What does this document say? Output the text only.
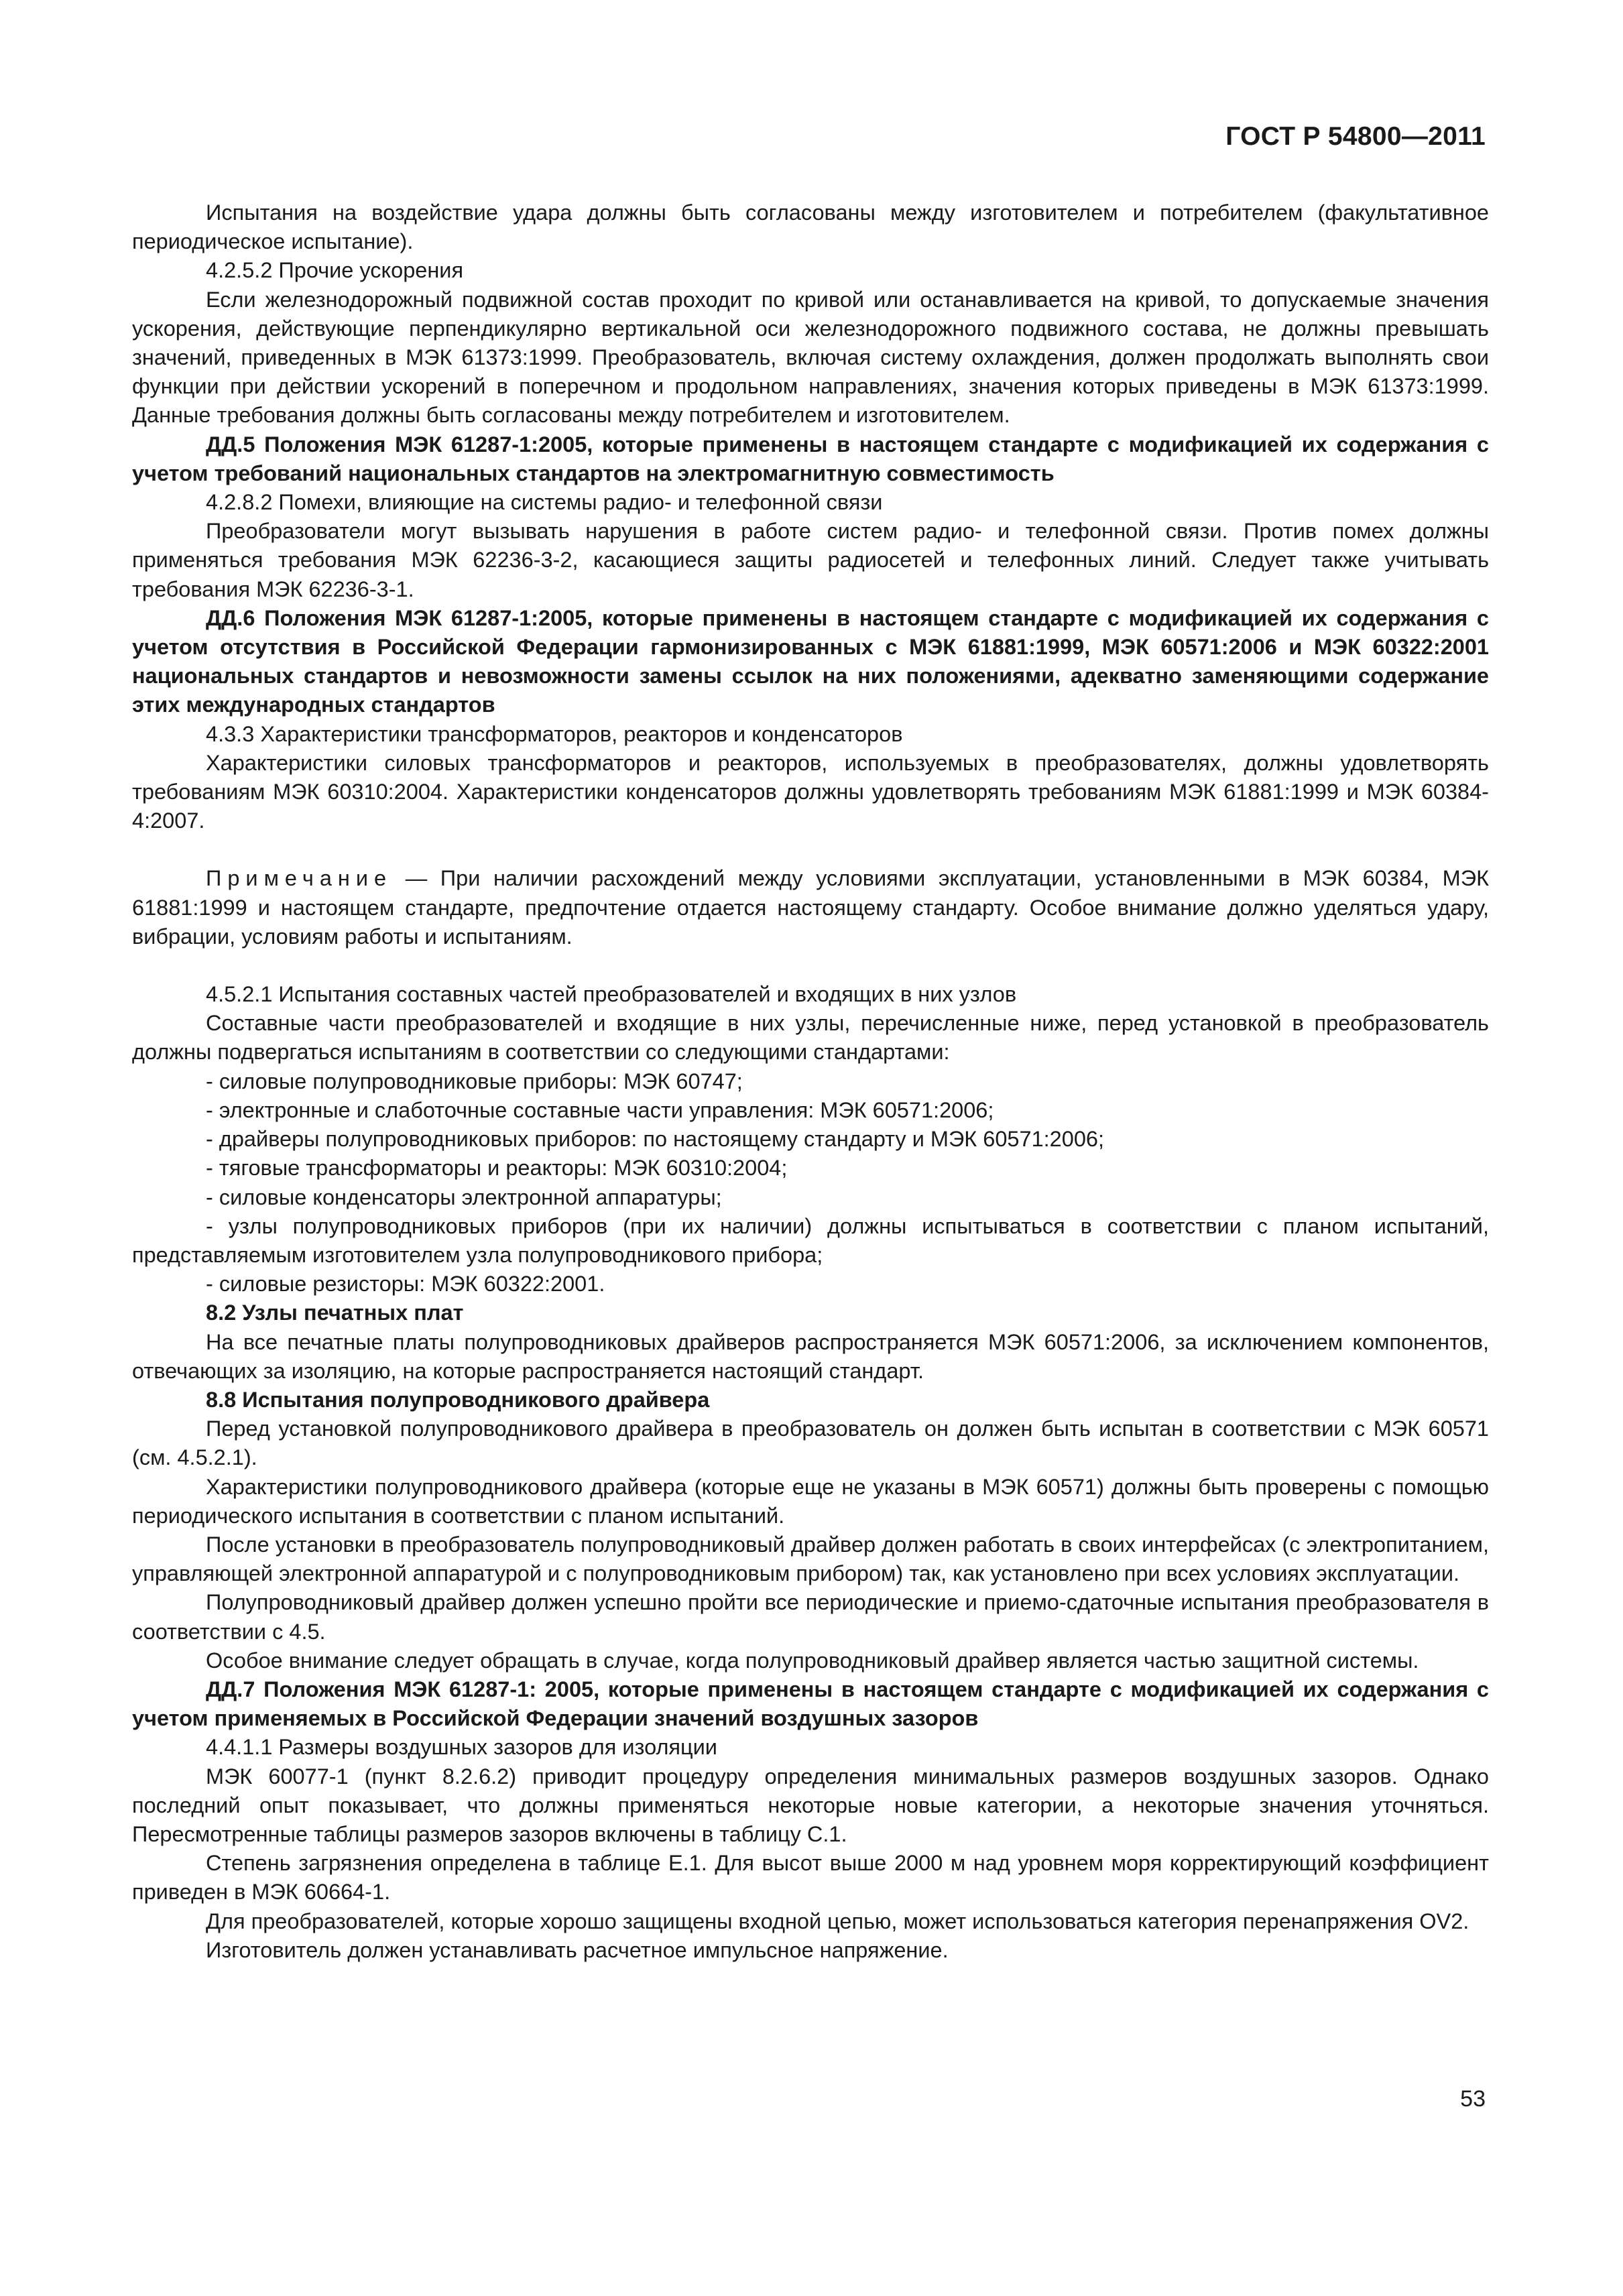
ГОСТ Р 54800—2011

Испытания на воздействие удара должны быть согласованы между изготовителем и потребителем (факультативное периодическое испытание).

4.2.5.2 Прочие ускорения

Если железнодорожный подвижной состав проходит по кривой или останавливается на кривой, то допускаемые значения ускорения, действующие перпендикулярно вертикальной оси железнодорожного подвижного состава, не должны превышать значений, приведенных в МЭК 61373:1999. Преобразователь, включая систему охлаждения, должен продолжать выполнять свои функции при действии ускорений в поперечном и продольном направлениях, значения которых приведены в МЭК 61373:1999. Данные требования должны быть согласованы между потребителем и изготовителем.

ДД.5 Положения МЭК 61287-1:2005, которые применены в настоящем стандарте с модификацией их содержания с учетом требований национальных стандартов на электромагнитную совместимость

4.2.8.2 Помехи, влияющие на системы радио- и телефонной связи

Преобразователи могут вызывать нарушения в работе систем радио- и телефонной связи. Против помех должны применяться требования МЭК 62236-3-2, касающиеся защиты радиосетей и телефонных линий. Следует также учитывать требования МЭК 62236-3-1.

ДД.6 Положения МЭК 61287-1:2005, которые применены в настоящем стандарте с модификацией их содержания с учетом отсутствия в Российской Федерации гармонизированных с МЭК 61881:1999, МЭК 60571:2006 и МЭК 60322:2001 национальных стандартов и невозможности замены ссылок на них положениями, адекватно заменяющими содержание этих международных стандартов

4.3.3 Характеристики трансформаторов, реакторов и конденсаторов

Характеристики силовых трансформаторов и реакторов, используемых в преобразователях, должны удовлетворять требованиям МЭК 60310:2004. Характеристики конденсаторов должны удовлетворять требованиям МЭК 61881:1999 и МЭК 60384-4:2007.

Примечание — При наличии расхождений между условиями эксплуатации, установленными в МЭК 60384, МЭК 61881:1999 и настоящем стандарте, предпочтение отдается настоящему стандарту. Особое внимание должно уделяться удару, вибрации, условиям работы и испытаниям.

4.5.2.1 Испытания составных частей преобразователей и входящих в них узлов

Составные части преобразователей и входящие в них узлы, перечисленные ниже, перед установкой в преобразователь должны подвергаться испытаниям в соответствии со следующими стандартами:

- силовые полупроводниковые приборы: МЭК 60747;

- электронные и слаботочные составные части управления: МЭК 60571:2006;

- драйверы полупроводниковых приборов: по настоящему стандарту и МЭК 60571:2006;

- тяговые трансформаторы и реакторы: МЭК 60310:2004;

- силовые конденсаторы электронной аппаратуры;

- узлы полупроводниковых приборов (при их наличии) должны испытываться в соответствии с планом испытаний, представляемым изготовителем узла полупроводникового прибора;

- силовые резисторы: МЭК 60322:2001.

8.2 Узлы печатных плат

На все печатные платы полупроводниковых драйверов распространяется МЭК 60571:2006, за исключением компонентов, отвечающих за изоляцию, на которые распространяется настоящий стандарт.

8.8 Испытания полупроводникового драйвера

Перед установкой полупроводникового драйвера в преобразователь он должен быть испытан в соответствии с МЭК 60571 (см. 4.5.2.1).

Характеристики полупроводникового драйвера (которые еще не указаны в МЭК 60571) должны быть проверены с помощью периодического испытания в соответствии с планом испытаний.

После установки в преобразователь полупроводниковый драйвер должен работать в своих интерфейсах (с электропитанием, управляющей электронной аппаратурой и с полупроводниковым прибором) так, как установлено при всех условиях эксплуатации.

Полупроводниковый драйвер должен успешно пройти все периодические и приемо-сдаточные испытания преобразователя в соответствии с 4.5.

Особое внимание следует обращать в случае, когда полупроводниковый драйвер является частью защитной системы.

ДД.7 Положения МЭК 61287-1: 2005, которые применены в настоящем стандарте с модификацией их содержания с учетом применяемых в Российской Федерации значений воздушных зазоров

4.4.1.1 Размеры воздушных зазоров для изоляции

МЭК 60077-1 (пункт 8.2.6.2) приводит процедуру определения минимальных размеров воздушных зазоров. Однако последний опыт показывает, что должны применяться некоторые новые категории, а некоторые значения уточняться. Пересмотренные таблицы размеров зазоров включены в таблицу С.1.

Степень загрязнения определена в таблице Е.1. Для высот выше 2000 м над уровнем моря корректирующий коэффициент приведен в МЭК 60664-1.

Для преобразователей, которые хорошо защищены входной цепью, может использоваться категория перенапряжения OV2.

Изготовитель должен устанавливать расчетное импульсное напряжение.

53
